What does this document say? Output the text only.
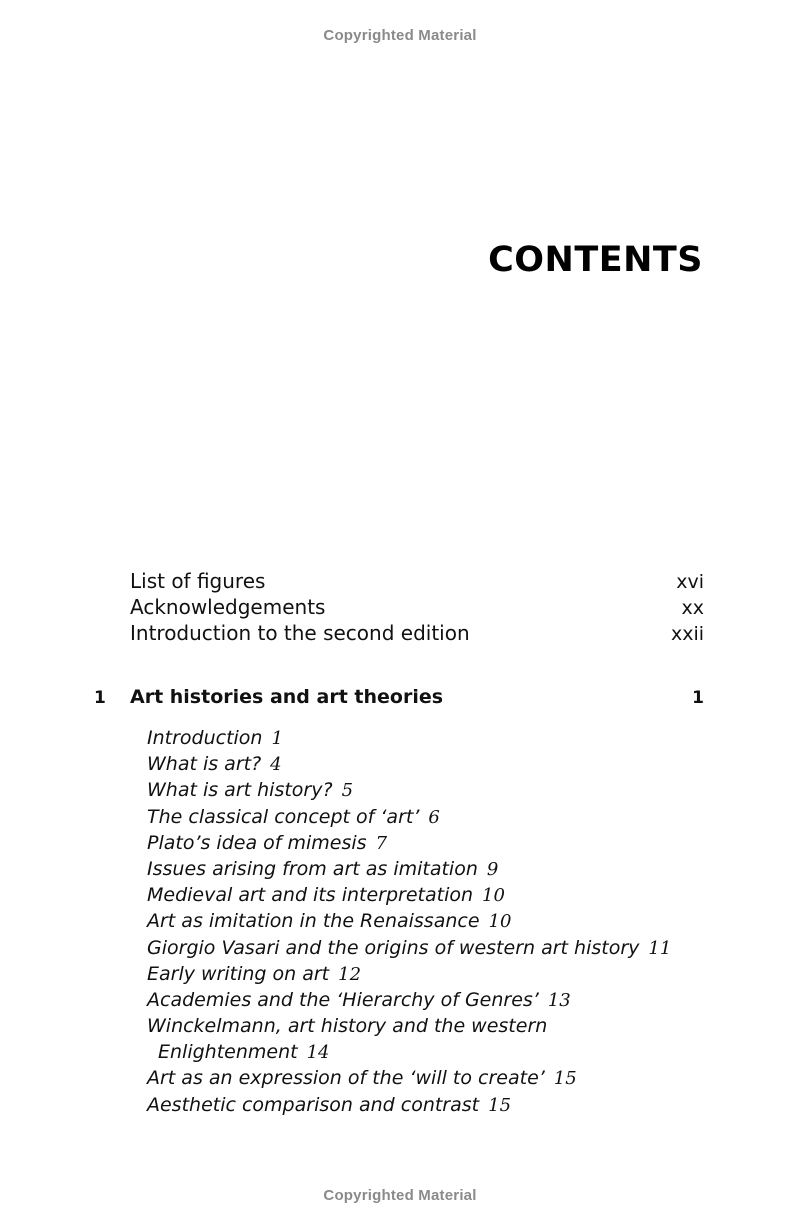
Copyrighted Material
CONTENTS
List of figures	xvi
Acknowledgements	xx
Introduction to the second edition	xxii
1	Art histories and art theories	1
Introduction 1
What is art? 4
What is art history? 5
The classical concept of ‘art’ 6
Plato’s idea of mimesis 7
Issues arising from art as imitation 9
Medieval art and its interpretation 10
Art as imitation in the Renaissance 10
Giorgio Vasari and the origins of western art history 11
Early writing on art 12
Academies and the ‘Hierarchy of Genres’ 13
Winckelmann, art history and the western
Enlightenment 14
Art as an expression of the ‘will to create’ 15
Aesthetic comparison and contrast 15
Copyrighted Material
